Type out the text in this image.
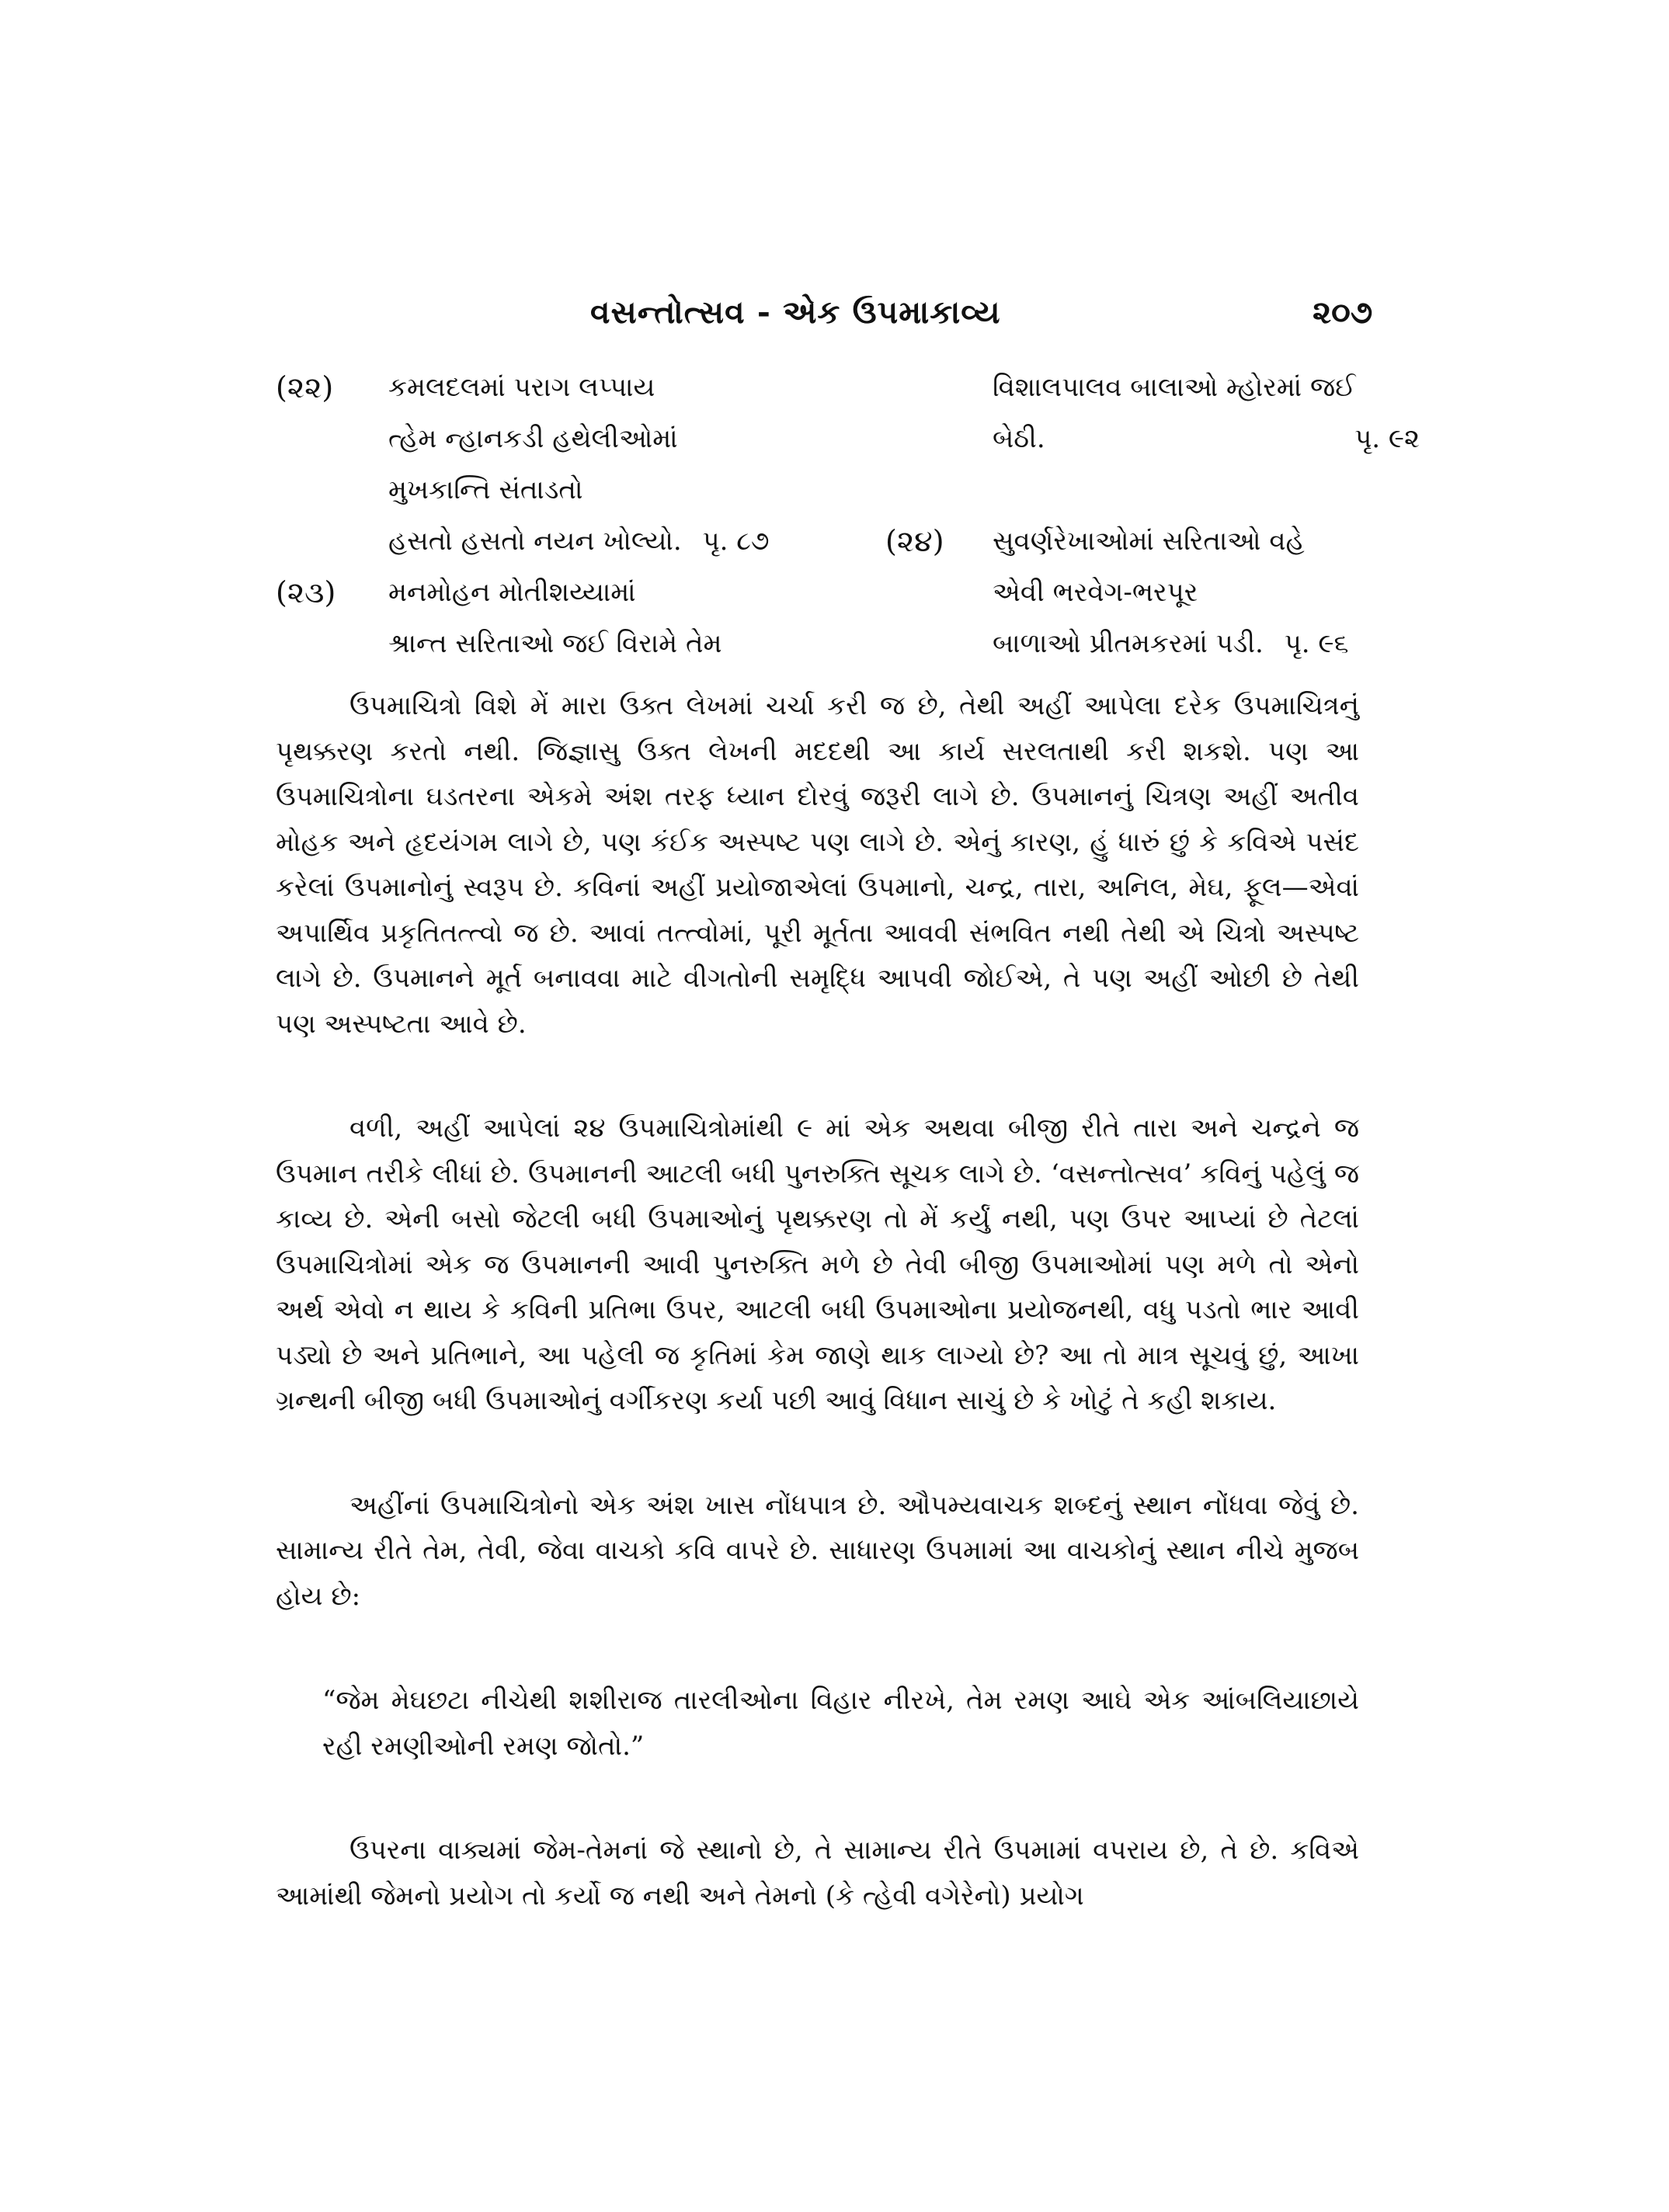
વસન્તોત્સવ - એક ઉપમાકાવ્ય	૨૦૭
(૨૨) કમલદલમાં પરાગ લપ્પાય
ત્હેમ ન્હાનકડી હથેલીઓમાં
મુખકાન્તિ સંતાડતો
હસતો હસતો નયન ખોલ્યો. પૃ. ૮૭
(૨૩) મનમોહન મોતીશય્યામાં
શ્રાન્ત સરિતાઓ જઈ વિરામે તેમ
વિશાલપાલવ બાલાઓ મ્હોરમાં જઈ
બેઠી.	પૃ. ૯૨
(૨૪) સુવર્ણરેખાઓમાં સરિતાઓ વહે
એવી ભરવેગ-ભરપૂર
બાળાઓ પ્રીતમકરમાં પડી. પૃ. ૯૬

ઉપમાચિત્રો વિશે મેં મારા ઉક્ત લેખમાં ચર્ચા કરી જ છે, તેથી અહીં આપેલા દરેક ઉપમાચિત્રનું પૃથક્કરણ કરતો નથી. જિજ્ઞાસુ ઉક્ત લેખની મદદથી આ કાર્ય સરલતાથી કરી શકશે. પણ આ ઉપમાચિત્રોના ઘડતરના એકમે અંશ તરફ ધ્યાન દોરવું જરૂરી લાગે છે. ઉપમાનનું ચિત્રણ અહીં અતીવ મોહક અને હૃદયંગમ લાગે છે, પણ કંઈક અસ્પષ્ટ પણ લાગે છે. એનું કારણ, હું ધારું છું કે કવિએ પસંદ કરેલાં ઉપમાનોનું સ્વરૂપ છે. કવિનાં અહીં પ્રયોજાએલાં ઉપમાનો, ચન્દ્ર, તારા, અનિલ, મેઘ, ફૂલ—એવાં અપાર્થિવ પ્રકૃતિતત્ત્વો જ છે. આવાં તત્ત્વોમાં, પૂરી મૂર્તતા આવવી સંભવિત નથી તેથી એ ચિત્રો અસ્પષ્ટ લાગે છે. ઉપમાનને મૂર્ત બનાવવા માટે વીગતોની સમૃદ્ધિ આપવી જોઈએ, તે પણ અહીં ઓછી છે તેથી પણ અસ્પષ્ટતા આવે છે.

વળી, અહીં આપેલાં ૨૪ ઉપમાચિત્રોમાંથી ૯ માં એક અથવા બીજી રીતે તારા અને ચન્દ્રને જ ઉપમાન તરીકે લીધાં છે. ઉપમાનની આટલી બધી પુનરુક્તિ સૂચક લાગે છે. ‘વસન્તોત્સવ’ કવિનું પહેલું જ કાવ્ય છે. એની બસો જેટલી બધી ઉપમાઓનું પૃથક્કરણ તો મેં કર્યું નથી, પણ ઉપર આપ્યાં છે તેટલાં ઉપમાચિત્રોમાં એક જ ઉપમાનની આવી પુનરુક્તિ મળે છે તેવી બીજી ઉપમાઓમાં પણ મળે તો એનો અર્થ એવો ન થાય કે કવિની પ્રતિભા ઉપર, આટલી બધી ઉપમાઓના પ્રયોજનથી, વધુ પડતો ભાર આવી પડ્યો છે અને પ્રતિભાને, આ પહેલી જ કૃતિમાં કેમ જાણે થાક લાગ્યો છે? આ તો માત્ર સૂચવું છું, આખા ગ્રન્થની બીજી બધી ઉપમાઓનું વર્ગીકરણ કર્યા પછી આવું વિધાન સાચું છે કે ખોટું તે કહી શકાય.

અહીંનાં ઉપમાચિત્રોનો એક અંશ ખાસ નોંધપાત્ર છે. ઔપમ્યવાચક શબ્દનું સ્થાન નોંધવા જેવું છે. સામાન્ય રીતે તેમ, તેવી, જેવા વાચકો કવિ વાપરે છે. સાધારણ ઉપમામાં આ વાચકોનું સ્થાન નીચે મુજબ હોય છે:

“જેમ મેઘછટા નીચેથી શશીરાજ તારલીઓના વિહાર નીરખે, તેમ રમણ આઘે એક આંબલિયાછાયે રહી રમણીઓની રમણ જોતો.”

ઉપરના વાક્યમાં જેમ-તેમનાં જે સ્થાનો છે, તે સામાન્ય રીતે ઉપમામાં વપરાય છે, તે છે. કવિએ આમાંથી જેમનો પ્રયોગ તો કર્યો જ નથી અને તેમનો (કે ત્હેવી વગેરેનો) પ્રયોગ
